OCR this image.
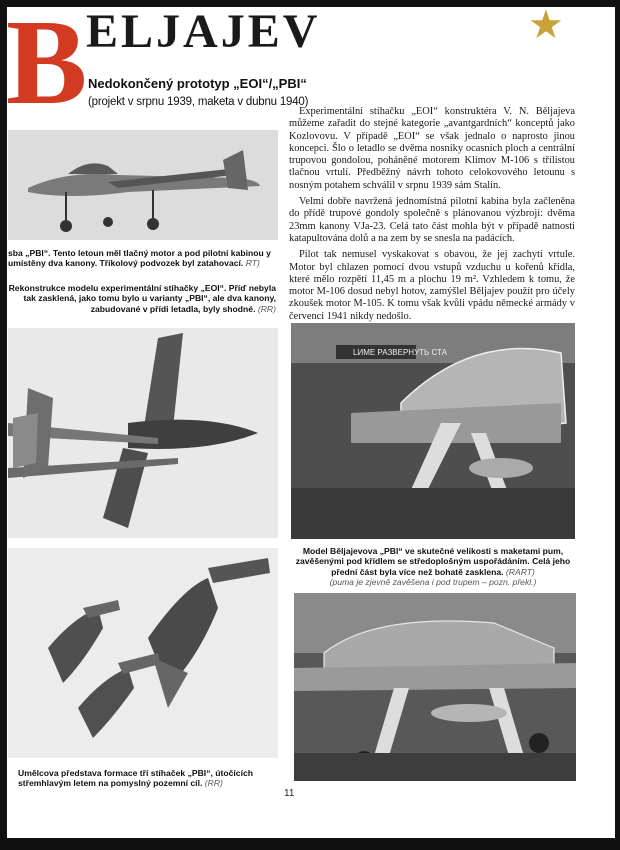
B
ELJAJEV	★
Nedokončený prototyp „EOI“/„PBI“
(projekt v srpnu 1939, maketa v dubnu 1940)
sba „PBI“. Tento letoun měl tlačný motor a pod pilotní kabinou y umístěny dva kanony. Tříkolový podvozek byl zatahovací. RT)
Rekonstrukce modelu experimentální stíhačky „EOI“. Příď nebyla tak zasklená, jako tomu bylo u varianty „PBI“, ale dva kanony, zabudované v přídi letadla, byly shodné. (RR)

Experimentální stíhačku „EOI“ konstruktéra V. N. Běljajeva můžeme zařadit do stejné kategorie „avantgardních“ konceptů jako Kozlovovu. V případě „EOI“ se však jednalo o naprosto jinou koncepci. Šlo o letadlo se dvěma nosníky ocasních ploch a centrální trupovou gondolou, poháněné motorem Klimov M-106 s třílistou tlačnou vrtulí. Předběžný návrh tohoto celokovového letounu s nosným potahem schválil v srpnu 1939 sám Stalin.

Velmi dobře navržená jednomístná pilotní kabina byla začleněna do přídě trupové gondoly společně s plánovanou výzbrojí: dvěma 23mm kanony VJa-23. Celá tato část mohla být v případě natnosti katapultována dolů a na zem by se snesla na padácích.

Pilot tak nemusel vyskakovat s obavou, že jej zachytí vrtule. Motor byl chlazen pomocí dvou vstupů vzduchu u kořenů křídla, které mělo rozpětí 11,45 m a plochu 19 m². Vzhledem k tomu, že motor M-106 dosud nebyl hotov, zamýšlel Běljajev použít pro účely zkoušek motor M-105. K tomu však kvůli vpádu německé armády v červenci 1941 nikdy nedošlo.

LИME РАЗВЕРНУТЬ СТА
Model Běljajevova „PBI“ ve skutečné velikosti s maketami pum, zavěšenými pod křídlem se středoplošným uspořádáním. Celá jeho přední část byla více než bohatě zasklena. (RART)
(puma je zjevně zavěšena i pod trupem – pozn. překl.)
Umělcova představa formace tří stíhaček „PBI“, útočících střemhlavým letem na pomyslný pozemní cíl. (RR)
11
